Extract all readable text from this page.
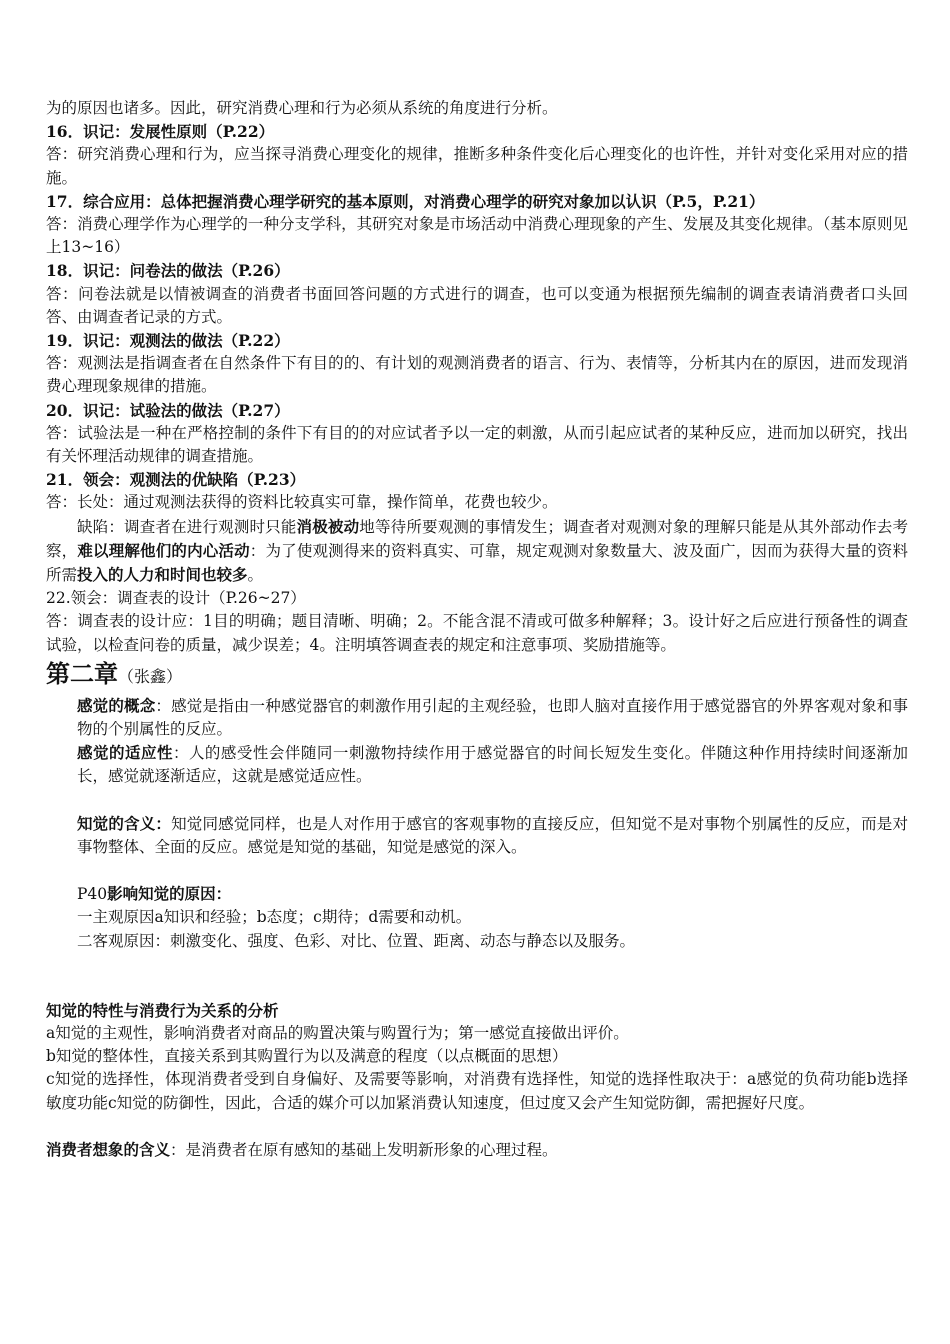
为的原因也诸多。因此，研究消费心理和行为必须从系统的角度进行分析。

16．识记：发展性原则（P.22）

答：研究消费心理和行为，应当探寻消费心理变化的规律，推断多种条件变化后心理变化的也许性，并针对变化采用对应的措施。

17．综合应用：总体把握消费心理学研究的基本原则，对消费心理学的研究对象加以认识（P.5，P.21）

答：消费心理学作为心理学的一种分支学科，其研究对象是市场活动中消费心理现象的产生、发展及其变化规律。（基本原则见上13~16）

18．识记：问卷法的做法（P.26）

答：问卷法就是以情被调查的消费者书面回答问题的方式进行的调查，也可以变通为根据预先编制的调查表请消费者口头回答、由调查者记录的方式。

19．识记：观测法的做法（P.22）

答：观测法是指调查者在自然条件下有目的的、有计划的观测消费者的语言、行为、表情等，分析其内在的原因，进而发现消费心理现象规律的措施。

20．识记：试验法的做法（P.27）

答：试验法是一种在严格控制的条件下有目的的对应试者予以一定的刺激，从而引起应试者的某种反应，进而加以研究，找出有关怀理活动规律的调查措施。

21．领会：观测法的优缺陷（P.23）

答：长处：通过观测法获得的资料比较真实可靠，操作简单，花费也较少。

缺陷：调查者在进行观测时只能消极被动地等待所要观测的事情发生；调查者对观测对象的理解只能是从其外部动作去考察，难以理解他们的内心活动：为了使观测得来的资料真实、可靠，规定观测对象数量大、波及面广，因而为获得大量的资料所需投入的人力和时间也较多。

22.领会：调查表的设计（P.26~27）

答：调查表的设计应：1目的明确；题目清晰、明确；2。不能含混不清或可做多种解释；3。设计好之后应进行预备性的调查试验，以检查问卷的质量，减少误差；4。注明填答调查表的规定和注意事项、奖励措施等。

第二章（张鑫）

感觉的概念：感觉是指由一种感觉器官的刺激作用引起的主观经验，也即人脑对直接作用于感觉器官的外界客观对象和事物的个别属性的反应。

感觉的适应性：人的感受性会伴随同一刺激物持续作用于感觉器官的时间长短发生变化。伴随这种作用持续时间逐渐加长，感觉就逐渐适应，这就是感觉适应性。

知觉的含义：知觉同感觉同样，也是人对作用于感官的客观事物的直接反应，但知觉不是对事物个别属性的反应，而是对事物整体、全面的反应。感觉是知觉的基础，知觉是感觉的深入。

P40影响知觉的原因：

一主观原因a知识和经验；b态度；c期待；d需要和动机。

二客观原因：刺激变化、强度、色彩、对比、位置、距离、动态与静态以及服务。

知觉的特性与消费行为关系的分析

a知觉的主观性，影响消费者对商品的购置决策与购置行为；第一感觉直接做出评价。

b知觉的整体性，直接关系到其购置行为以及满意的程度（以点概面的思想）

c知觉的选择性，体现消费者受到自身偏好、及需要等影响，对消费有选择性，知觉的选择性取决于：a感觉的负荷功能b选择敏度功能c知觉的防御性，因此，合适的媒介可以加紧消费认知速度，但过度又会产生知觉防御，需把握好尺度。

消费者想象的含义：是消费者在原有感知的基础上发明新形象的心理过程。
